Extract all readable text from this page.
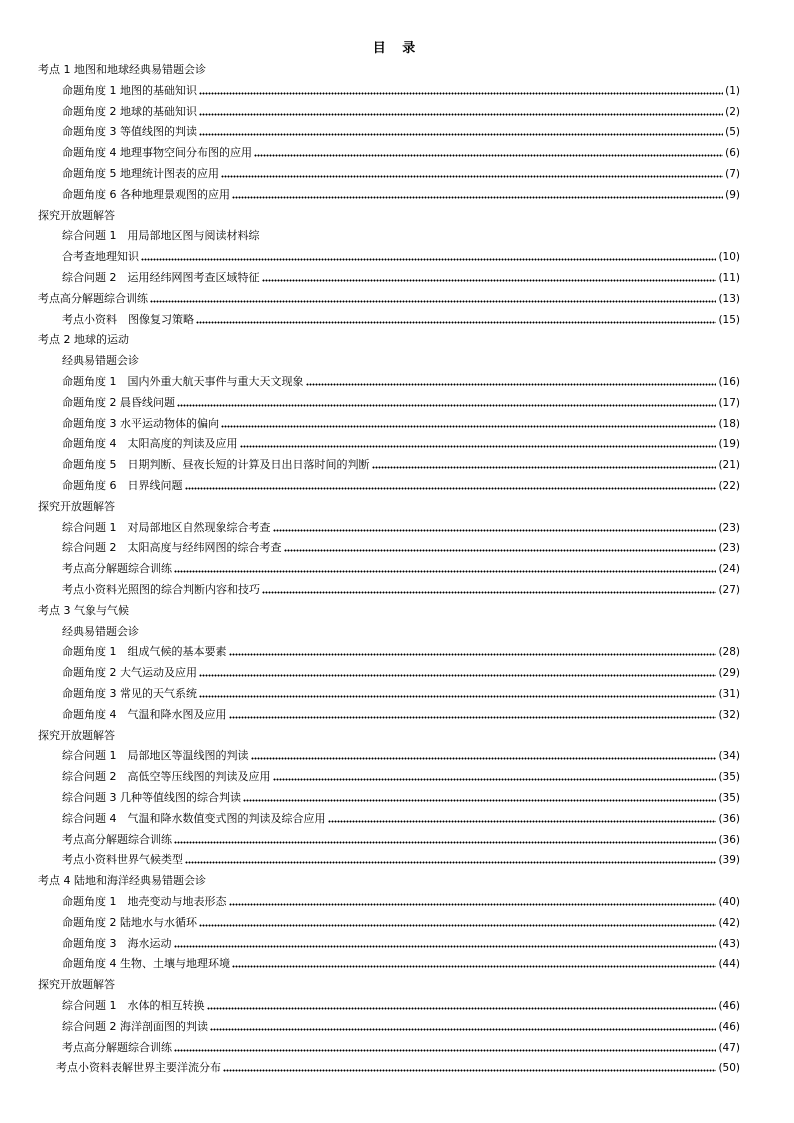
目 录
考点 1 地图和地球经典易错题会诊
命题角度 1 地图的基础知识	(1)
命题角度 2 地球的基础知识	(2)
命题角度 3 等值线图的判读	(5)
命题角度 4 地理事物空间分布图的应用	(6)
命题角度 5 地理统计图表的应用	(7)
命题角度 6 各种地理景观图的应用	(9)
探究开放题解答
综合问题 1　用局部地区图与阅读材料综
合考查地理知识	(10)
综合问题 2　运用经纬网图考查区域特征	(11)
考点高分解题综合训练	(13)
考点小资料　图像复习策略	(15)
考点 2 地球的运动
经典易错题会诊
命题角度 1　国内外重大航天事件与重大天文现象	(16)
命题角度 2 晨昏线问题	(17)
命题角度 3 水平运动物体的偏向	(18)
命题角度 4　太阳高度的判读及应用	(19)
命题角度 5　日期判断、昼夜长短的计算及日出日落时间的判断	(21)
命题角度 6　日界线问题	(22)
探究开放题解答
综合问题 1　对局部地区自然现象综合考查	(23)
综合问题 2　太阳高度与经纬网图的综合考查	(23)
考点高分解题综合训练	(24)
考点小资料光照图的综合判断内容和技巧	(27)
考点 3 气象与气候
经典易错题会诊
命题角度 1　组成气候的基本要素	(28)
命题角度 2 大气运动及应用	(29)
命题角度 3 常见的天气系统	(31)
命题角度 4　气温和降水图及应用	(32)
探究开放题解答
综合问题 1　局部地区等温线图的判读	(34)
综合问题 2　高低空等压线图的判读及应用	(35)
综合问题 3 几种等值线图的综合判读	(35)
综合问题 4　气温和降水数值变式图的判读及综合应用	(36)
考点高分解题综合训练	(36)
考点小资料世界气候类型	(39)
考点 4 陆地和海洋经典易错题会诊
命题角度 1　地壳变动与地表形态	(40)
命题角度 2 陆地水与水循环	(42)
命题角度 3　海水运动	(43)
命题角度 4 生物、土壤与地理环境	(44)
探究开放题解答
综合问题 1　水体的相互转换	(46)
综合问题 2 海洋剖面图的判读	(46)
考点高分解题综合训练	(47)
考点小资料表解世界主要洋流分布	(50)
